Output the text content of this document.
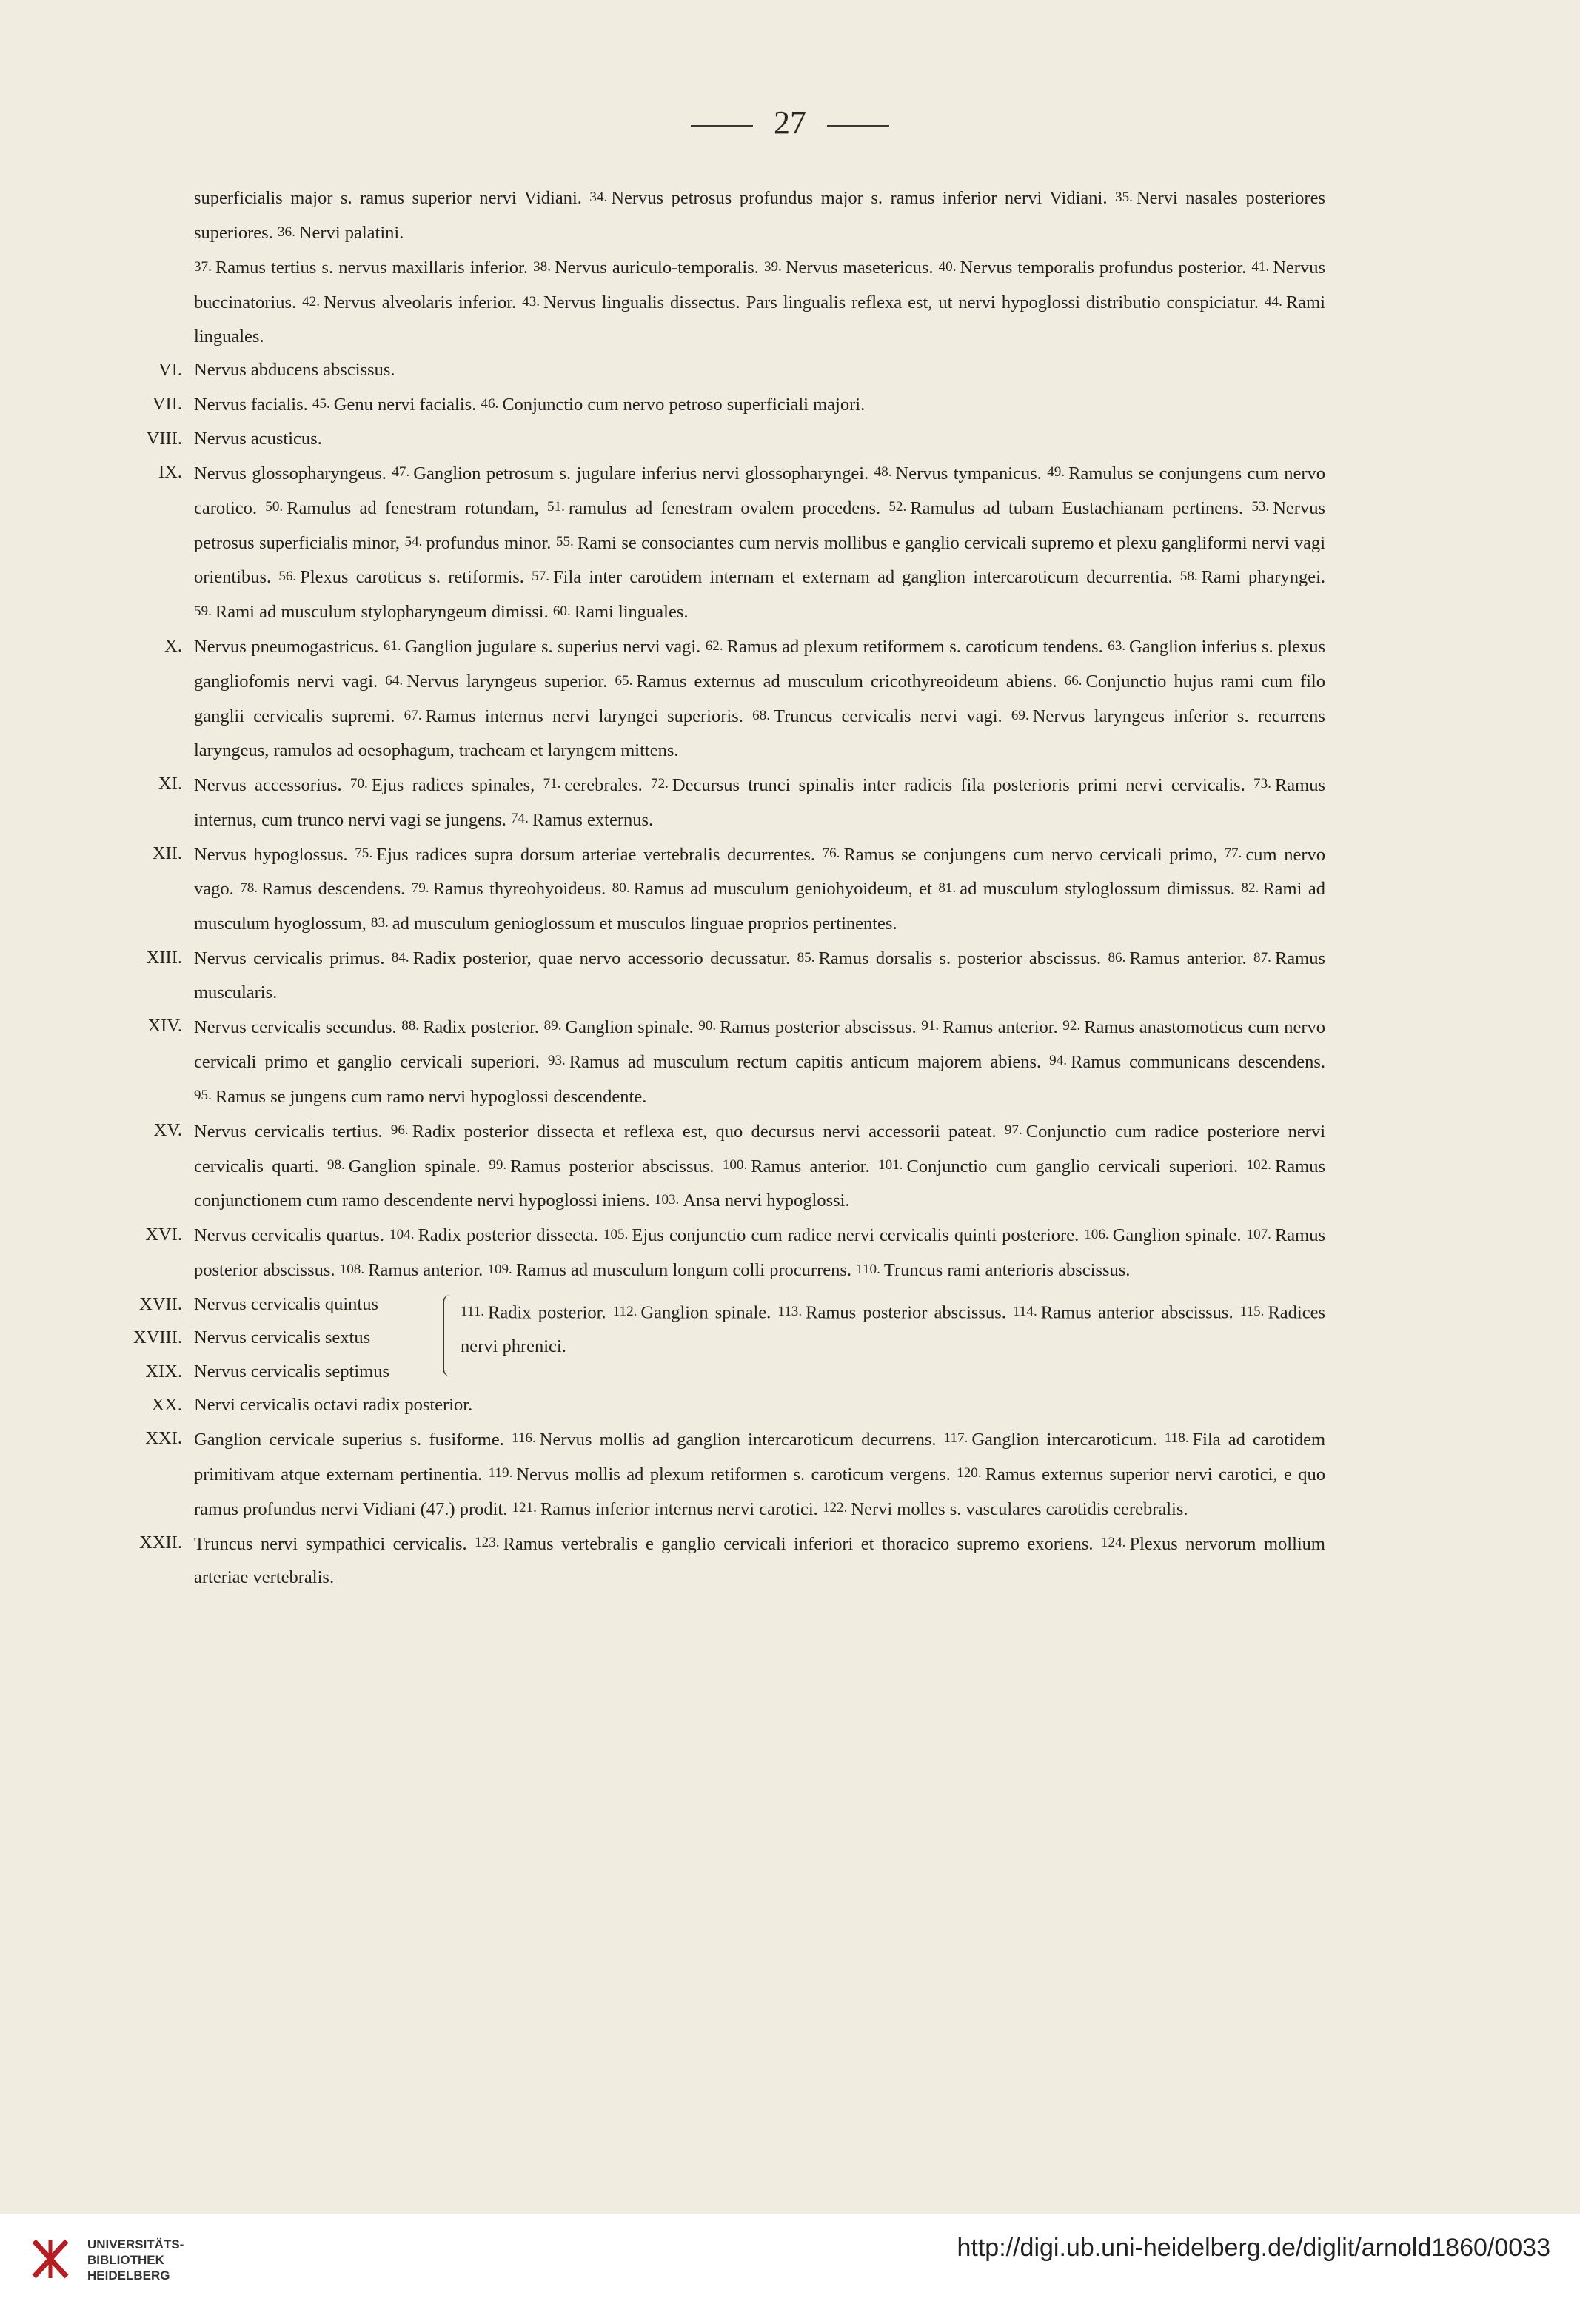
27
superficialis major s. ramus superior nervi Vidiani. 34. Nervus petrosus profundus major s. ramus inferior nervi Vidiani. 35. Nervi nasales posteriores superiores. 36. Nervi palatini.
37. Ramus tertius s. nervus maxillaris inferior. 38. Nervus auriculo-temporalis. 39. Nervus masetericus. 40. Nervus temporalis profundus posterior. 41. Nervus buccinatorius. 42. Nervus alveolaris inferior. 43. Nervus lingualis dissectus. Pars lingualis reflexa est, ut nervi hypoglossi distributio conspiciatur. 44. Rami linguales.
VI. Nervus abducens abscissus.
VII. Nervus facialis. 45. Genu nervi facialis. 46. Conjunctio cum nervo petroso superficiali majori.
VIII. Nervus acusticus.
IX. Nervus glossopharyngeus. 47. Ganglion petrosum s. jugulare inferius nervi glossopharyngei. 48. Nervus tympanicus. 49. Ramulus se conjungens cum nervo carotico. 50. Ramulus ad fenestram rotundam, 51. ramulus ad fenestram ovalem procedens. 52. Ramulus ad tubam Eustachianam pertinens. 53. Nervus petrosus superficialis minor, 54. profundus minor. 55. Rami se consociantes cum nervis mollibus e ganglio cervicali supremo et plexu gangliformi nervi vagi orientibus. 56. Plexus caroticus s. retiformis. 57. Fila inter carotidem internam et externam ad ganglion intercaroticum decurrentia. 58. Rami pharyngei. 59. Rami ad musculum stylopharyngeum dimissi. 60. Rami linguales.
X. Nervus pneumogastricus. 61. Ganglion jugulare s. superius nervi vagi. 62. Ramus ad plexum retiformem s. caroticum tendens. 63. Ganglion inferius s. plexus gangliofomis nervi vagi. 64. Nervus laryngeus superior. 65. Ramus externus ad musculum cricothyreoideum abiens. 66. Conjunctio hujus rami cum filo ganglii cervicalis supremi. 67. Ramus internus nervi laryngei superioris. 68. Truncus cervicalis nervi vagi. 69. Nervus laryngeus inferior s. recurrens laryngeus, ramulos ad oesophagum, tracheam et laryngem mittens.
XI. Nervus accessorius. 70. Ejus radices spinales, 71. cerebrales. 72. Decursus trunci spinalis inter radicis fila posterioris primi nervi cervicalis. 73. Ramus internus, cum trunco nervi vagi se jungens. 74. Ramus externus.
XII. Nervus hypoglossus. 75. Ejus radices supra dorsum arteriae vertebralis decurrentes. 76. Ramus se conjungens cum nervo cervicali primo, 77. cum nervo vago. 78. Ramus descendens. 79. Ramus thyreohyoideus. 80. Ramus ad musculum geniohyoideum, et 81. ad musculum styloglossum dimissus. 82. Rami ad musculum hyoglossum, 83. ad musculum genioglossum et musculos linguae proprios pertinentes.
XIII. Nervus cervicalis primus. 84. Radix posterior, quae nervo accessorio decussatur. 85. Ramus dorsalis s. posterior abscissus. 86. Ramus anterior. 87. Ramus muscularis.
XIV. Nervus cervicalis secundus. 88. Radix posterior. 89. Ganglion spinale. 90. Ramus posterior abscissus. 91. Ramus anterior. 92. Ramus anastomoticus cum nervo cervicali primo et ganglio cervicali superiori. 93. Ramus ad musculum rectum capitis anticum majorem abiens. 94. Ramus communicans descendens. 95. Ramus se jungens cum ramo nervi hypoglossi descendente.
XV. Nervus cervicalis tertius. 96. Radix posterior dissecta et reflexa est, quo decursus nervi accessorii pateat. 97. Conjunctio cum radice posteriore nervi cervicalis quarti. 98. Ganglion spinale. 99. Ramus posterior abscissus. 100. Ramus anterior. 101. Conjunctio cum ganglio cervicali superiori. 102. Ramus conjunctionem cum ramo descendente nervi hypoglossi iniens. 103. Ansa nervi hypoglossi.
XVI. Nervus cervicalis quartus. 104. Radix posterior dissecta. 105. Ejus conjunctio cum radice nervi cervicalis quinti posteriore. 106. Ganglion spinale. 107. Ramus posterior abscissus. 108. Ramus anterior. 109. Ramus ad musculum longum colli procurrens. 110. Truncus rami anterioris abscissus.
XVII.
XVIII.
XIX.
Nervus cervicalis quintus
Nervus cervicalis sextus
Nervus cervicalis septimus
111. Radix posterior. 112. Ganglion spinale. 113. Ramus posterior abscissus. 114. Ramus anterior abscissus. 115. Radices nervi phrenici.
XX. Nervi cervicalis octavi radix posterior.
XXI. Ganglion cervicale superius s. fusiforme. 116. Nervus mollis ad ganglion intercaroticum decurrens. 117. Ganglion intercaroticum. 118. Fila ad carotidem primitivam atque externam pertinentia. 119. Nervus mollis ad plexum retiformen s. caroticum vergens. 120. Ramus externus superior nervi carotici, e quo ramus profundus nervi Vidiani (47.) prodit. 121. Ramus inferior internus nervi carotici. 122. Nervi molles s. vasculares carotidis cerebralis.
XXII. Truncus nervi sympathici cervicalis. 123. Ramus vertebralis e ganglio cervicali inferiori et thoracico supremo exoriens. 124. Plexus nervorum mollium arteriae vertebralis.
UNIVERSITÄTS-
BIBLIOTHEK
HEIDELBERG
http://digi.ub.uni-heidelberg.de/diglit/arnold1860/0033
